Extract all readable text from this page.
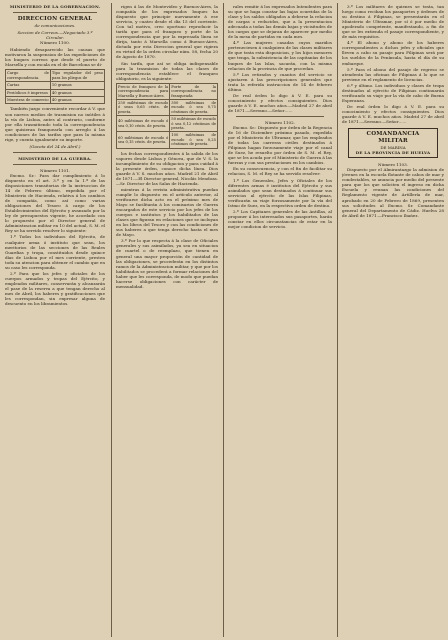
MINISTERIO DE LA GOBERNACION.
DIRECCION GENERAL
de comunicaciones.
Seccion de Correos.—Negociado 3.º
Circular.
Número 1100.

Habiendo desaparecido las causas que motivaron la suspension de las expediciones de los buques correos que desde el puerto de Marsella y con escala en el de Barcelona se di-

Cargo de correspondencia.	Tipo regulador del peso para los pliegos de
Cartas	10 gramos
Periódicos é impresos	40 gramos
Muestras de comercio	40 gramos

También juzgo conveniente recordar á V. que son nuevos medios de trasmision no inútiles á la vía de Lisboa, antes al contrario, conforme por ella trasmitiendo toda la correspondencia que quisieran franquearla con arreglo á las condiciones de las tarifas que para la misma rige, y cuenta igualmente su importe.

(Gaceta del 24 de Abril.)
MINISTERIO DE LA GUERRA.
Número 1101.

Excmo. Sr.: Para dar cumplimiento á lo dispuesto en el art. 3.º y en la 1.ª de las disposiciones transitorias de la instruccion de 14 de Febrero último, expedida por el Ministerio de Hacienda, relativa á los cambios de compañía, como así como varias obligaciones del Tesoro á cargo de los Establecimientos del Ejército y avanzado por la ley de presupuestos vigente, he acordado con lo propuesto por el Director general de Administracion militar en 10 del actual, S. M. el Rey se ha servido resolver lo siguiente:

1.º Todos los individuos del Ejército, de cualquier arma ó instituto que sean, los meritorios de las secciones de las Reales Guardias y tropa, constituidos desde quince días de Lisboa por el mes corriente, presten toda su atencion para obtener el cambio que en su caso les corresponda.

2.º Para que los jefes y oficiales de los cuerpos armados y tropas del Ejército, y empleados militares, conservarán y alcanzarán el pase de la reserva a que tengan derecho al mes de Abril, los haberes y gratificaciones que les correspondan, sin expresar alguna de descuento en los libramientos.

rigen á las de Montevideo y Buenos-Aires, la compañía de los expresados buques ha dispuesto que principie nuevamente á ese servicio, y cuatro desde el día 15 del corriente. Con tal motivo, creo oportuno reproducir la tarifa que para el franqueo y porte de la correspondencia que por la expresada línea se dirija, tanto á Marsella como á Buenos-Aires, dictada por esta Direccion general que rigiera en virtud de la orden circular núm. 58, fecha 20 de Agosto de 1870.

Sin tarifa, que así se obliga indispensable para la trasmision de todas las clases de correspondencia establece el franqueo obligatorio, es la siguiente:

Precio de franqueo de la correspondencia para Marsella y Buenos-Aires.	Porte de la correspondencia no franqueada
250 milésimas de escudo ó sean 0,65 cénts. de peseta.	300 milésimas de escudo ó sea 0,75 céntimos de peseta.
40 milésimas de escudo ó sea 0,10 cénts. de peseta.	50 milésimas de escudo ó sea 0,12 céntimos de peseta.
60 milésimas de escudo ó sea 0,15 cénts. de peseta.	100 milésimas de escudo ó sea 0,25 céntimos de peseta.

los fechas correspondientes á la salida de los vapores desde Lisboa y Génova, que de V. S. la incumplimiento de su obligacion y para cuidad á la presente órden, conoce dicha línea. Dios guarde á V. S. muchos años. Madrid 21 de Abril de 1871.—El Director general, Nicolás Mendoza.—Sr. Director de las Salas de Hacienda.

mientras á la revista administrativa puedan cumplir lo dispuesto en el artículo anterior, al verificarse dicha acto en el próximo mes de Mayo se facilitarán á los comisarios de Guerra encargados de este servicio por los jefes de los cuerpos e institutos y los habilitados de las clases que figuran en relaciones que se incluyan en los libros del Tesoro y con las condiciones de sus haberes a que tenga derecho hasta el mes de Mayo.

3.º Por lo que respecta á la clase de Oficiales generales y sus asimilados, ya sea en situacion de cuartel o de reemplazo, que tienen en general una mayor proporción de cantidad de las obligaciones, se procederán en los distintos ramos de la Administracion militar, y que por los habilitados se procederá a formar relaciones del haber que les corresponda, de modo que puedan hacerse obligaciones con carácter de mensualidad.

rales remitir á los expresados Intendentes para su que se haga constar las bajas ocurridas de la clase y los saldos obligados a deberse la relacion de cargas o reducidos, que a la presentacion adecuada a todas las demás bajas y vicisitudes de los cargos que se dejaran de aparecer por medio de la mesa de partidas en cada mes.

4.º Las mujeres casadas cuyos maridos perteneciesen á cualquiera de las clases militares de que trata esta disposicion, y los hijos menores que tenga, la subsistencia de las capitanías de los buques de las Islas, sacarán, con la misma relacion de la provincia de que procedan.

5.º Los retirados y cuantos del servicio se ajustaren á las prescripciones generales que trata la referida instruccion de 14 de febrero último.

De real órden lo digo á V. E. para su conocimiento y efectos consiguientes. Dios guarde á V. E. muchos años.—Madrid 27 de abril de 1871.—Serrano.—Señor……

Número 1102.

Excmo. Sr.: Dispuesto por órden de la Regencia de 16 de Diciembre próximo pasado, expedida por el Ministerio de Ultramar, que los empleados de todas las carreras civiles destinados á Filipinas hagan forzosamente viaje por el canal de Suez, he resuelto por órden de S. M. el Rey, que se les acuda por el Ministerio de Guerra á las fuerzas y con sus prestaciones en los cambios.

En su consecuencia, y con el fin de facilitar su relacion, S. M. el Rey se ha servido resolver:

1.º Los Generales, Jefes y Oficiales de los diferentes armas é institutos del Ejército y sus asimilados que sean destinados á continuar sus servicios al ejército de las Islas Filipinas, verificarán su viaje forzosamente por la vía del Istmo de Suez, en la respectiva orden de destino.

2.º Los Capitanes generales de las Antillas, al proponer á los interesados sus pasaportes, harán constar en ellos circunstancias de estar en la mejor condicion de servicio.

3.º Los militares de quienes se trata, tan luego como reciban los pasaportes y órdenes de su destino á Filipinas, se presentarán en el Ministerio de Ultramar, por sí ó por medio de apoderado competente, manifestando, a fin de que se les extienda el pasaje correspondiente, y de más requisitos.

4.º El abono y abono de los haberes correspondientes a dichos jefes y oficiales que lleven a cabo su pasaje para Filipinas será por los sueldos de la Península, hasta el día de su embarque.

5.º Para el abono del pasaje de regreso se atenderán las oficinas de Filipinas á lo que se previene en el reglamento de licencias.

6.º y último. Los individuos y clases de tropa destinados al ejército de Filipinas continuarán verificando su viaje por la vía de cabo de Buena Esperanza.

De real órden lo digo á V. E. para su conocimiento y efectos consiguientes. Dios guarde á V. E. muchos años. Madrid 27 de abril de 1871.—Serrano.—Señor……

COMANDANCIA MILITAR
DE MARINA
DE LA PROVINCIA DE HUELVA
Número 1103.

Dispuesto por el Almirantazgo la admision de jóvenes en la escuela flotante de cabos de mar y condestables, se anuncia por medio del presente para que los que soliciten el ingreso en dicha Escuela y reunan las condiciones del Reglamento vigente de Artillería de mar, aprobado en 20 de Febrero de 1869, presenten sus solicitudes al Excmo. Sr. Comandante general del Departamento de Cádiz. Huelva 28 de Abril de 1871.—Francisco Ibañez.
